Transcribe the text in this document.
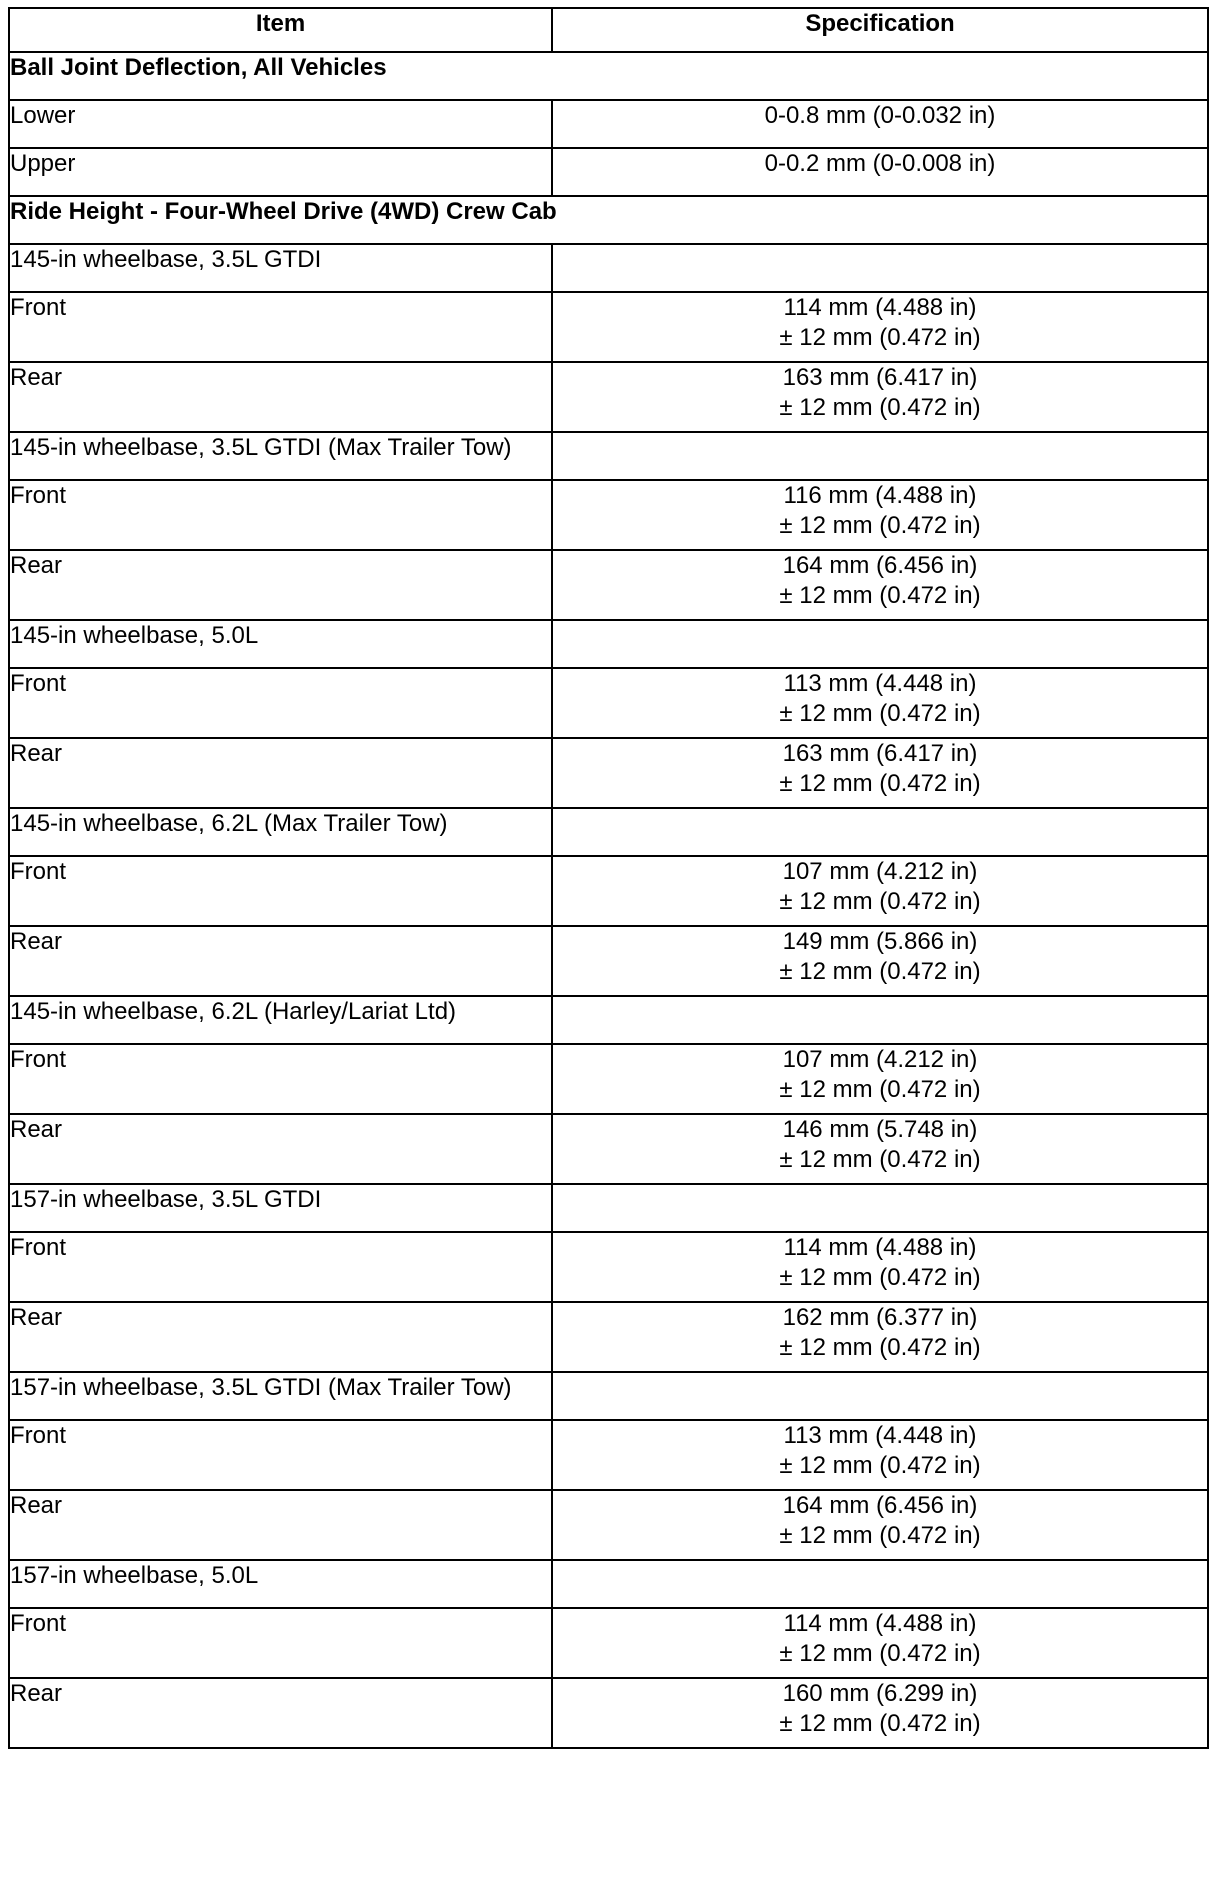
Item	Specification
Ball Joint Deflection, All Vehicles	
Lower	0-0.8 mm (0-0.032 in)
Upper	0-0.2 mm (0-0.008 in)
Ride Height - Four-Wheel Drive (4WD) Crew Cab	
145-in wheelbase, 3.5L GTDI	
Front	114 mm (4.488 in)
± 12 mm (0.472 in)

Rear	163 mm (6.417 in)
± 12 mm (0.472 in)

145-in wheelbase, 3.5L GTDI (Max Trailer Tow)	
Front	116 mm (4.488 in)
± 12 mm (0.472 in)

Rear	164 mm (6.456 in)
± 12 mm (0.472 in)

145-in wheelbase, 5.0L	
Front	113 mm (4.448 in)
± 12 mm (0.472 in)

Rear	163 mm (6.417 in)
± 12 mm (0.472 in)

145-in wheelbase, 6.2L (Max Trailer Tow)	
Front	107 mm (4.212 in)
± 12 mm (0.472 in)

Rear	149 mm (5.866 in)
± 12 mm (0.472 in)

145-in wheelbase, 6.2L (Harley/Lariat Ltd)	
Front	107 mm (4.212 in)
± 12 mm (0.472 in)

Rear	146 mm (5.748 in)
± 12 mm (0.472 in)

157-in wheelbase, 3.5L GTDI	
Front	114 mm (4.488 in)
± 12 mm (0.472 in)

Rear	162 mm (6.377 in)
± 12 mm (0.472 in)

157-in wheelbase, 3.5L GTDI (Max Trailer Tow)	
Front	113 mm (4.448 in)
± 12 mm (0.472 in)

Rear	164 mm (6.456 in)
± 12 mm (0.472 in)

157-in wheelbase, 5.0L	
Front	114 mm (4.488 in)
± 12 mm (0.472 in)

Rear	160 mm (6.299 in)
± 12 mm (0.472 in)
